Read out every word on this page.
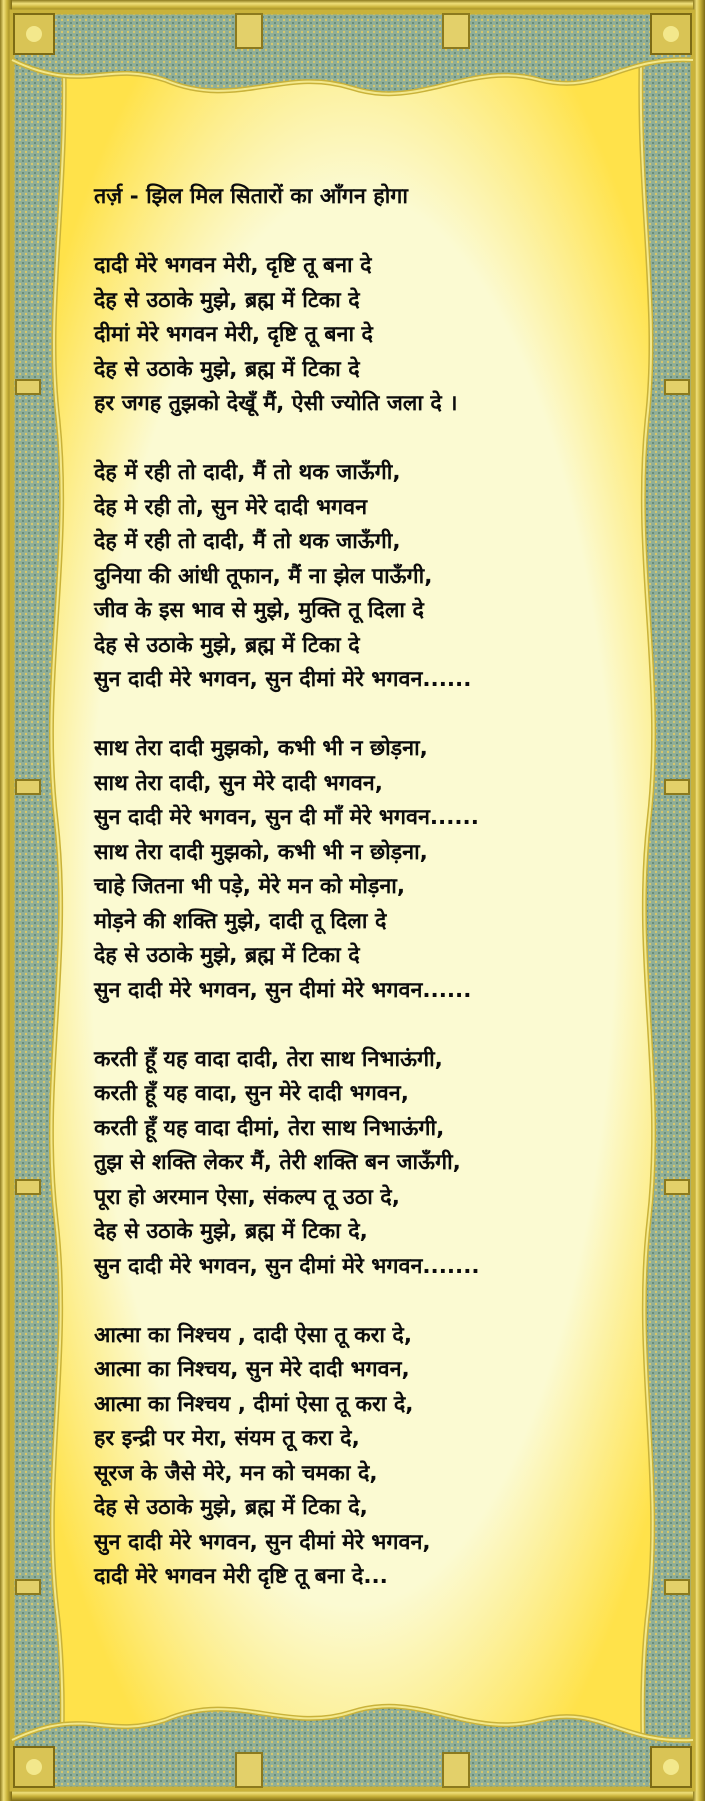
तर्ज़ - झिल मिल सितारों का आँगन होगा
दादी मेरे भगवन मेरी, दृष्टि तू बना दे
देह से उठाके मुझे, ब्रह्म में टिका दे
दीमां मेरे भगवन मेरी, दृष्टि तू बना दे
देह से उठाके मुझे, ब्रह्म में टिका दे
हर जगह तुझको देखूँ मैं, ऐसी ज्योति जला दे ।
देह में रही तो दादी, मैं तो थक जाऊँगी,
देह मे रही तो, सुन मेरे दादी भगवन
देह में रही तो दादी, मैं तो थक जाऊँगी,
दुनिया की आंधी तूफान, मैं ना झेल पाऊँगी,
जीव के इस भाव से मुझे, मुक्ति तू दिला दे
देह से उठाके मुझे, ब्रह्म में टिका दे
सुन दादी मेरे भगवन, सुन दीमां मेरे भगवन......
साथ तेरा दादी मुझको, कभी भी न छोड़ना,
साथ तेरा दादी, सुन मेरे दादी भगवन,
सुन दादी मेरे भगवन, सुन दी माँ मेरे भगवन......
साथ तेरा दादी मुझको, कभी भी न छोड़ना,
चाहे जितना भी पड़े, मेरे मन को मोड़ना,
मोड़ने की शक्ति मुझे, दादी तू दिला दे
देह से उठाके मुझे, ब्रह्म में टिका दे
सुन दादी मेरे भगवन, सुन दीमां मेरे भगवन......
करती हूँ यह वादा दादी, तेरा साथ निभाऊंगी,
करती हूँ यह वादा, सुन मेरे दादी भगवन,
करती हूँ यह वादा दीमां, तेरा साथ निभाऊंगी,
तुझ से शक्ति लेकर मैं, तेरी शक्ति बन जाऊँगी,
पूरा हो अरमान ऐसा, संकल्प तू उठा दे,
देह से उठाके मुझे, ब्रह्म में टिका दे,
सुन दादी मेरे भगवन, सुन दीमां मेरे भगवन.......
आत्मा का निश्चय , दादी ऐसा तू करा दे,
आत्मा का निश्चय, सुन मेरे दादी भगवन,
आत्मा का निश्चय , दीमां ऐसा तू करा दे,
हर इन्द्री पर मेरा, संयम तू करा दे,
सूरज के जैसे मेरे, मन को चमका दे,
देह से उठाके मुझे, ब्रह्म में टिका दे,
सुन दादी मेरे भगवन, सुन दीमां मेरे भगवन,
दादी मेरे भगवन मेरी दृष्टि तू बना दे...
